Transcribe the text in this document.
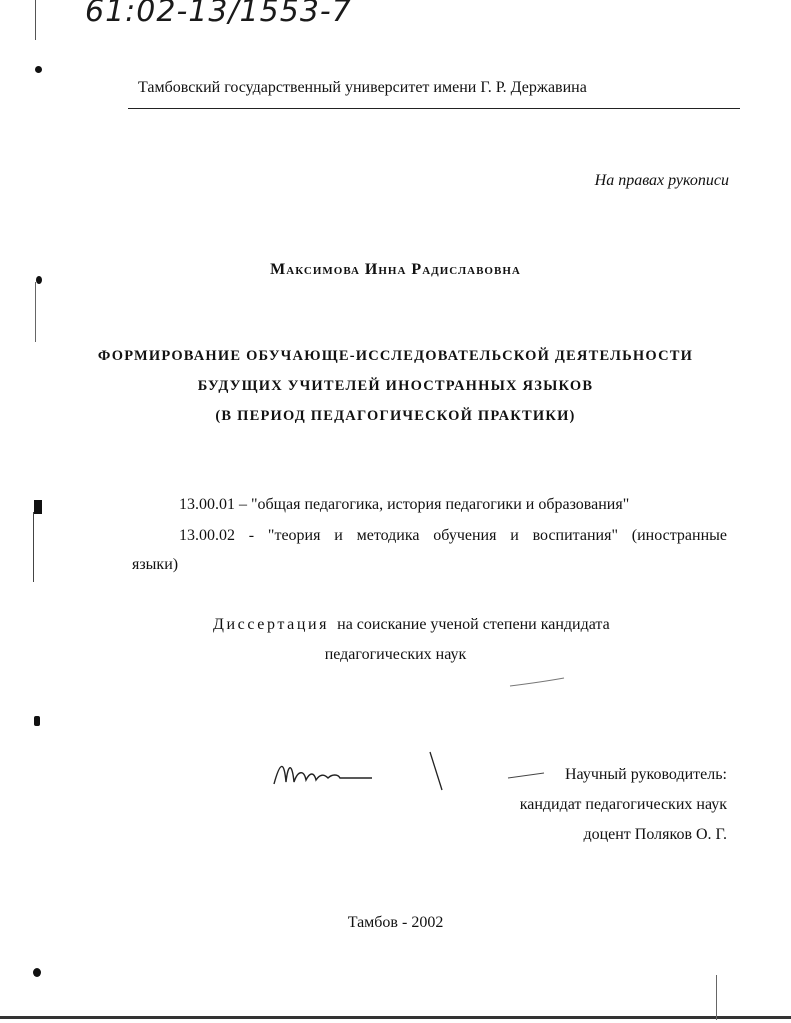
61:02-13/1553-7
Тамбовский государственный университет имени Г. Р. Державина
На правах рукописи
Максимова Инна Радиславовна
ФОРМИРОВАНИЕ ОБУЧАЮЩЕ-ИССЛЕДОВАТЕЛЬСКОЙ ДЕЯТЕЛЬНОСТИ
БУДУЩИХ УЧИТЕЛЕЙ ИНОСТРАННЫХ ЯЗЫКОВ
(В ПЕРИОД ПЕДАГОГИЧЕСКОЙ ПРАКТИКИ)
13.00.01 – "общая педагогика, история педагогики и образования"
13.00.02 - "теория и методика обучения и воспитания" (иностранные
языки)
Диссертация на соискание ученой степени кандидата
педагогических наук
Научный руководитель:
кандидат педагогических наук
доцент Поляков О. Г.
Тамбов - 2002
